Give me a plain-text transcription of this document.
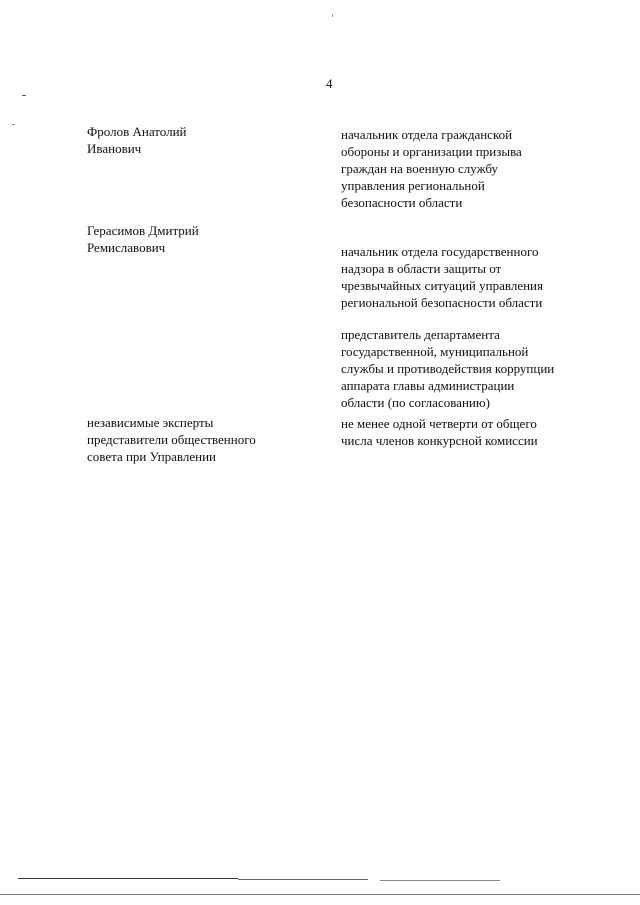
4
Фролов Анатолий
Иванович
начальник отдела гражданской
обороны и организации призыва
граждан на военную службу
управления региональной
безопасности области
Герасимов Дмитрий
Ремиславович	начальник отдела государственного
надзора в области защиты от
чрезвычайных ситуаций управления
региональной безопасности области
представитель департамента
государственной, муниципальной
службы и противодействия коррупции
аппарата главы администрации
области (по согласованию)
независимые эксперты
представители общественного
совета при Управлении
не менее одной четверти от общего
числа членов конкурсной комиссии
